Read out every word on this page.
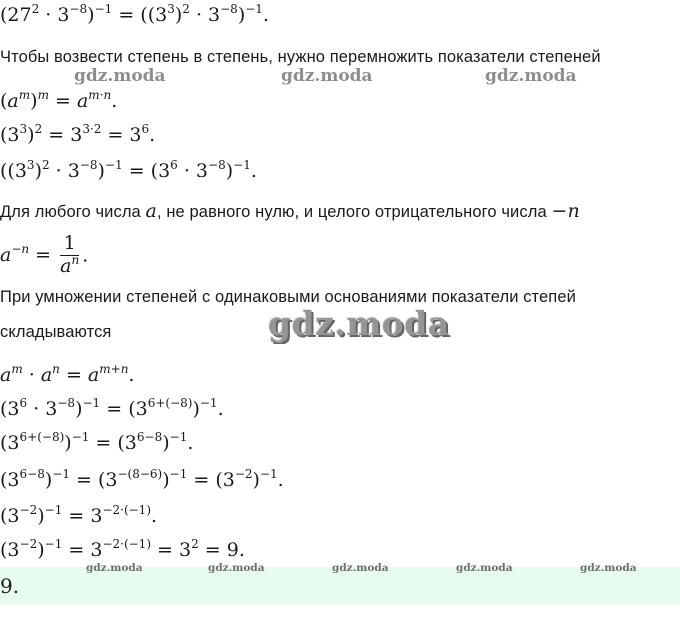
$(27^2 \cdot 3^{-8})^{-1} = ((3^3)^2 \cdot 3^{-8})^{-1}$.
Чтобы возвести степень в степень, нужно перемножить показатели степеней
gdz.moda	gdz.moda	gdz.moda
$(a^m)^m = a^{m\cdot n}$.
$(3^3)^2 = 3^{3\cdot 2} = 3^6$.
$((3^3)^2 \cdot 3^{-8})^{-1} = (3^6 \cdot 3^{-8})^{-1}$.
Для любого числа a, не равного нулю, и целого отрицательного числа −n
$a^{-n} = \frac{1}{a^n}$ .
При умножении степеней с одинаковыми основаниями показатели степей
складываются	gdz.moda
$a^m \cdot a^n = a^{m+n}$.
$(3^6 \cdot 3^{-8})^{-1} = (3^{6+(-8)})^{-1}$.
$(3^{6+(-8)})^{-1} = (3^{6-8})^{-1}$.
$(3^{6-8})^{-1} = (3^{-(8-6)})^{-1} = (3^{-2})^{-1}$.
$(3^{-2})^{-1} = 3^{-2\cdot(-1)}$.
$(3^{-2})^{-1} = 3^{-2\cdot(-1)} = 3^2 = 9$.
9.
gdz.moda	gdz.moda	gdz.moda	gdz.moda	gdz.moda
